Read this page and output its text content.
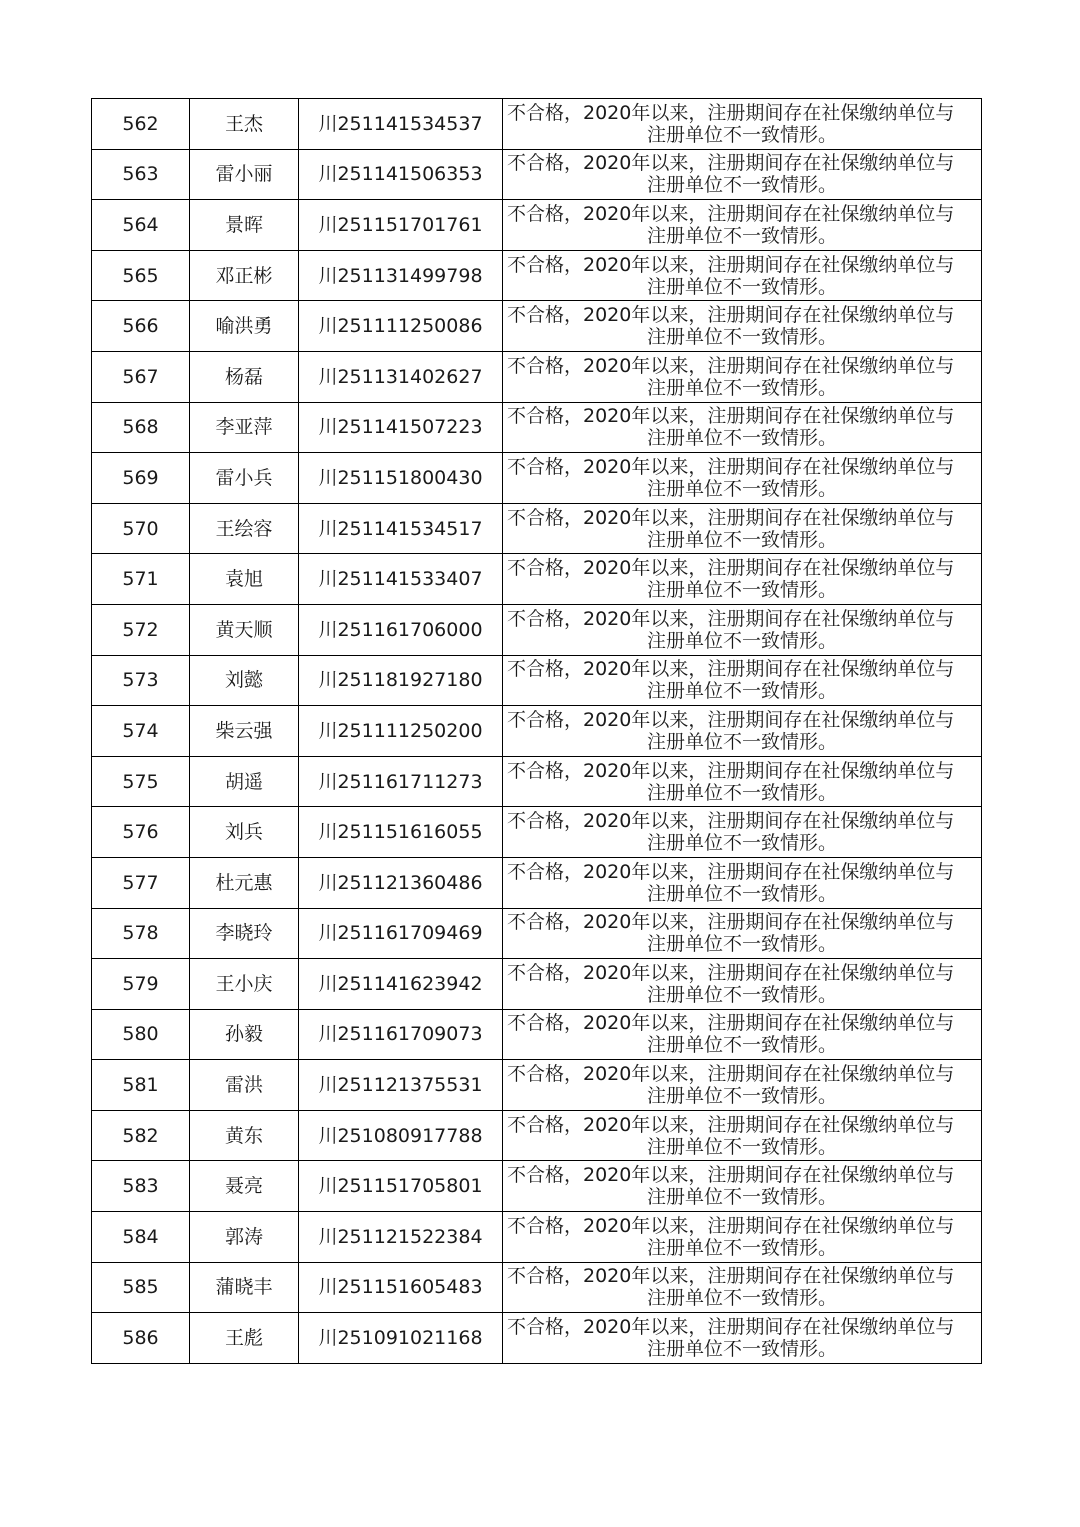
562	王杰	川251141534537	不合格，2020年以来，注册期间存在社保缴纳单位与
注册单位不一致情形。

563	雷小丽	川251141506353	不合格，2020年以来，注册期间存在社保缴纳单位与
注册单位不一致情形。

564	景晖	川251151701761	不合格，2020年以来，注册期间存在社保缴纳单位与
注册单位不一致情形。

565	邓正彬	川251131499798	不合格，2020年以来，注册期间存在社保缴纳单位与
注册单位不一致情形。

566	喻洪勇	川251111250086	不合格，2020年以来，注册期间存在社保缴纳单位与
注册单位不一致情形。

567	杨磊	川251131402627	不合格，2020年以来，注册期间存在社保缴纳单位与
注册单位不一致情形。

568	李亚萍	川251141507223	不合格，2020年以来，注册期间存在社保缴纳单位与
注册单位不一致情形。

569	雷小兵	川251151800430	不合格，2020年以来，注册期间存在社保缴纳单位与
注册单位不一致情形。

570	王绘容	川251141534517	不合格，2020年以来，注册期间存在社保缴纳单位与
注册单位不一致情形。

571	袁旭	川251141533407	不合格，2020年以来，注册期间存在社保缴纳单位与
注册单位不一致情形。

572	黄天顺	川251161706000	不合格，2020年以来，注册期间存在社保缴纳单位与
注册单位不一致情形。

573	刘懿	川251181927180	不合格，2020年以来，注册期间存在社保缴纳单位与
注册单位不一致情形。

574	柴云强	川251111250200	不合格，2020年以来，注册期间存在社保缴纳单位与
注册单位不一致情形。

575	胡遥	川251161711273	不合格，2020年以来，注册期间存在社保缴纳单位与
注册单位不一致情形。

576	刘兵	川251151616055	不合格，2020年以来，注册期间存在社保缴纳单位与
注册单位不一致情形。

577	杜元惠	川251121360486	不合格，2020年以来，注册期间存在社保缴纳单位与
注册单位不一致情形。

578	李晓玲	川251161709469	不合格，2020年以来，注册期间存在社保缴纳单位与
注册单位不一致情形。

579	王小庆	川251141623942	不合格，2020年以来，注册期间存在社保缴纳单位与
注册单位不一致情形。

580	孙毅	川251161709073	不合格，2020年以来，注册期间存在社保缴纳单位与
注册单位不一致情形。

581	雷洪	川251121375531	不合格，2020年以来，注册期间存在社保缴纳单位与
注册单位不一致情形。

582	黄东	川251080917788	不合格，2020年以来，注册期间存在社保缴纳单位与
注册单位不一致情形。

583	聂亮	川251151705801	不合格，2020年以来，注册期间存在社保缴纳单位与
注册单位不一致情形。

584	郭涛	川251121522384	不合格，2020年以来，注册期间存在社保缴纳单位与
注册单位不一致情形。

585	蒲晓丰	川251151605483	不合格，2020年以来，注册期间存在社保缴纳单位与
注册单位不一致情形。

586	王彪	川251091021168	不合格，2020年以来，注册期间存在社保缴纳单位与
注册单位不一致情形。
